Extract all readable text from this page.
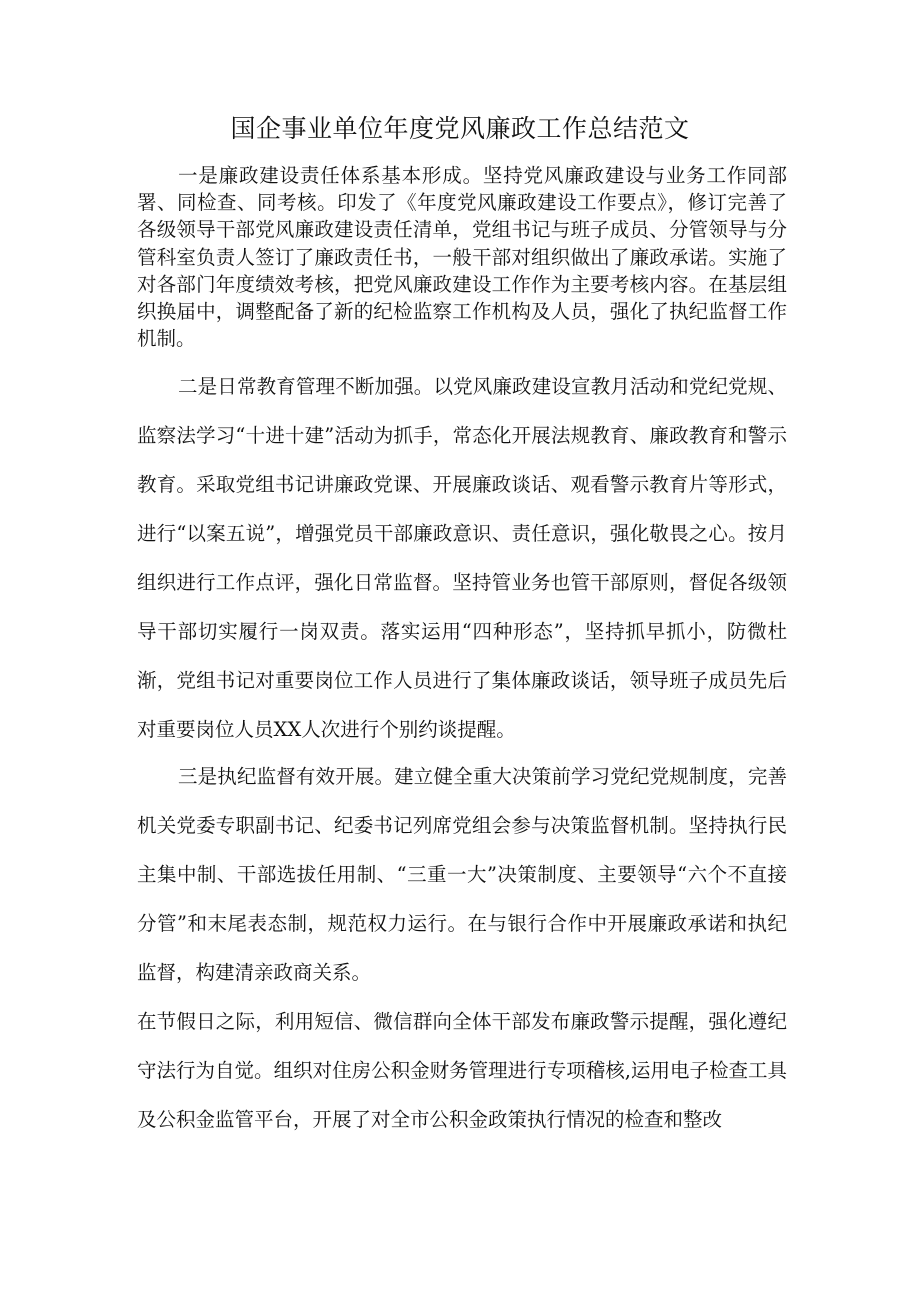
国企事业单位年度党风廉政工作总结范文

一是廉政建设责任体系基本形成。坚持党风廉政建设与业务工作同部署、同检查、同考核。印发了《年度党风廉政建设工作要点》，修订完善了各级领导干部党风廉政建设责任清单，党组书记与班子成员、分管领导与分管科室负责人签订了廉政责任书，一般干部对组织做出了廉政承诺。实施了对各部门年度绩效考核，把党风廉政建设工作作为主要考核内容。在基层组织换届中，调整配备了新的纪检监察工作机构及人员，强化了执纪监督工作机制。

二是日常教育管理不断加强。以党风廉政建设宣教月活动和党纪党规、监察法学习“十进十建”活动为抓手，常态化开展法规教育、廉政教育和警示教育。采取党组书记讲廉政党课、开展廉政谈话、观看警示教育片等形式，进行“以案五说”，增强党员干部廉政意识、责任意识，强化敬畏之心。按月组织进行工作点评，强化日常监督。坚持管业务也管干部原则，督促各级领导干部切实履行一岗双责。落实运用“四种形态”，坚持抓早抓小，防微杜渐，党组书记对重要岗位工作人员进行了集体廉政谈话，领导班子成员先后对重要岗位人员XX人次进行个别约谈提醒。

三是执纪监督有效开展。建立健全重大决策前学习党纪党规制度，完善机关党委专职副书记、纪委书记列席党组会参与决策监督机制。坚持执行民主集中制、干部选拔任用制、“三重一大”决策制度、主要领导“六个不直接分管”和末尾表态制，规范权力运行。在与银行合作中开展廉政承诺和执纪监督，构建清亲政商关系。

在节假日之际，利用短信、微信群向全体干部发布廉政警示提醒，强化遵纪守法行为自觉。组织对住房公积金财务管理进行专项稽核,运用电子检查工具及公积金监管平台，开展了对全市公积金政策执行情况的检查和整改
